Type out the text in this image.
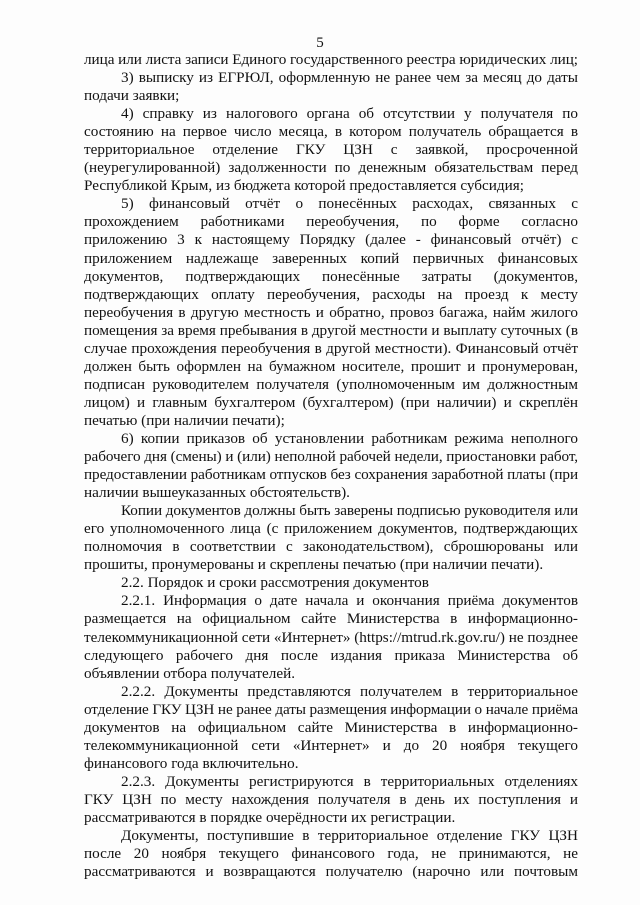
5
лица или листа записи Единого государственного реестра юридических лиц;
3) выписку из ЕГРЮЛ, оформленную не ранее чем за месяц до даты
подачи заявки;
4) справку из налогового органа об отсутствии у получателя по
состоянию на первое число месяца, в котором получатель обращается в
территориальное отделение ГКУ ЦЗН с заявкой, просроченной
(неурегулированной) задолженности по денежным обязательствам перед
Республикой Крым, из бюджета которой предоставляется субсидия;
5) финансовый отчёт о понесённых расходах, связанных с
прохождением работниками переобучения, по форме согласно
приложению 3 к настоящему Порядку (далее - финансовый отчёт) с
приложением надлежаще заверенных копий первичных финансовых
документов, подтверждающих понесённые затраты (документов,
подтверждающих оплату переобучения, расходы на проезд к месту
переобучения в другую местность и обратно, провоз багажа, найм жилого
помещения за время пребывания в другой местности и выплату суточных (в
случае прохождения переобучения в другой местности). Финансовый отчёт
должен быть оформлен на бумажном носителе, прошит и пронумерован,
подписан руководителем получателя (уполномоченным им должностным
лицом) и главным бухгалтером (бухгалтером) (при наличии) и скреплён
печатью (при наличии печати);
6) копии приказов об установлении работникам режима неполного
рабочего дня (смены) и (или) неполной рабочей недели, приостановки работ,
предоставлении работникам отпусков без сохранения заработной платы (при
наличии вышеуказанных обстоятельств).
Копии документов должны быть заверены подписью руководителя или
его уполномоченного лица (с приложением документов, подтверждающих
полномочия в соответствии с законодательством), сброшюрованы или
прошиты, пронумерованы и скреплены печатью (при наличии печати).
2.2. Порядок и сроки рассмотрения документов
2.2.1. Информация о дате начала и окончания приёма документов
размещается на официальном сайте Министерства в информационно-
телекоммуникационной сети «Интернет» (https://mtrud.rk.gov.ru/) не позднее
следующего рабочего дня после издания приказа Министерства об
объявлении отбора получателей.
2.2.2. Документы представляются получателем в территориальное
отделение ГКУ ЦЗН не ранее даты размещения информации о начале приёма
документов на официальном сайте Министерства в информационно-
телекоммуникационной сети «Интернет» и до 20 ноября текущего
финансового года включительно.
2.2.3. Документы регистрируются в территориальных отделениях
ГКУ ЦЗН по месту нахождения получателя в день их поступления и
рассматриваются в порядке очерёдности их регистрации.
Документы, поступившие в территориальное отделение ГКУ ЦЗН
после 20 ноября текущего финансового года, не принимаются, не
рассматриваются и возвращаются получателю (нарочно или почтовым
